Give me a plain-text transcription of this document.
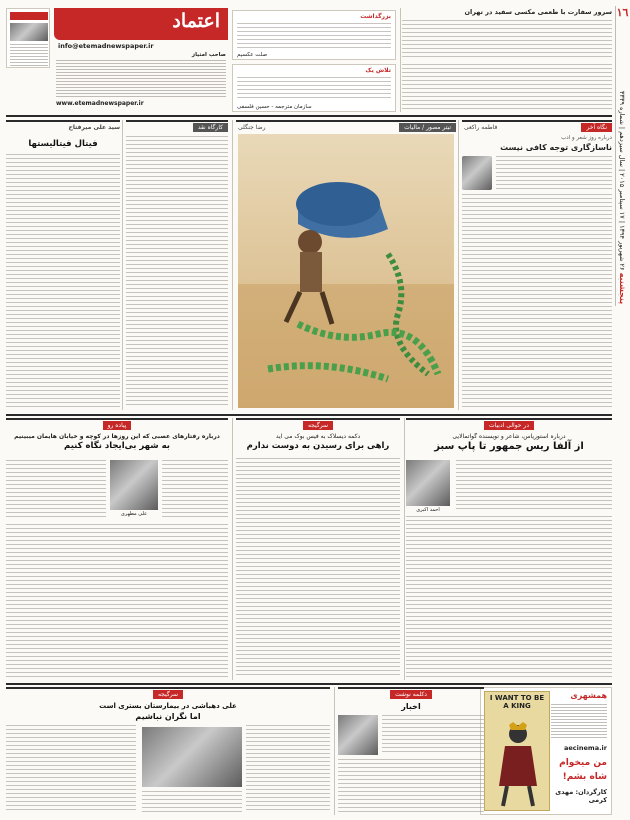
١٦
پنجشنبه ۲۶ شهریور ۱۳۹۴ | ۱۷ سپتامبر ۲۰۱۵ | سال سیزدهم | شماره ۳۳۳۹
سرور سفارت با طعمی مکسی سفید در تهران
بزرگداشت
صلت عکسیم
تلاش یک
سازمان مترجمه - حسین فلسفی
اعتماد
info@etemadnewspaper.ir
صاحب امتیاز
www.etemadnewspaper.ir
نگاه آخر
فاطمه راکعی
درباره روز شعر و ادب
ناسازگاری توجه کافی نیست
تیتر مصور / مالیات
رضا جنگلی
کارگاه نقد
سید علی میرفتاح
فیتال فیتالیستها
در حوالی ادبیات
درباره استوریاس، شاعر و نویسنده گواتمالایی
از آلفا ریس جمهور تا پاپ سبز
احمد اکبری
سرگیجه
دکمه دیسلاک به فیس بوک می آید
راهی برای رسیدن به دوست ندارم
پیاده رو
درباره رفتارهای عصبی که این روزها در کوچه و خیابان هایمان میبینیم
به شهر بی‌ایجاد نگاه کنیم
علی مطهری
همشهری
aecinema.ir
من میخوام
شاه بشم!
کارگردان: مهدی کرمی
I WANT TO BE A KING
دکلمه نوشت
اخبار
سرگیجه
علی دهباشی در بیمارستان بستری است
اما نگران نباشیم
